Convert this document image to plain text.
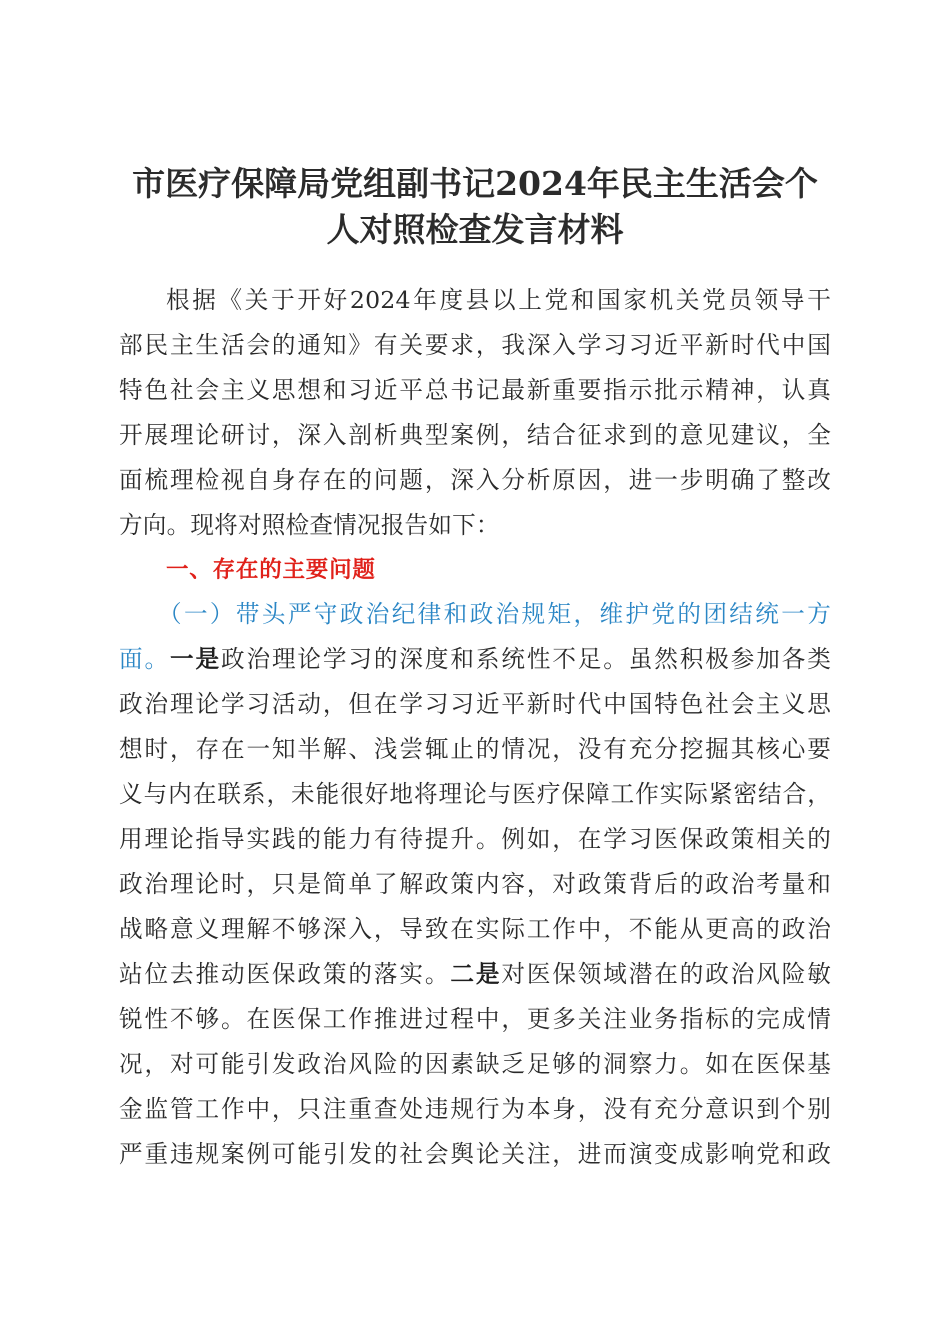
市医疗保障局党组副书记2024年民主生活会个
人对照检查发言材料
根据《关于开好2024年度县以上党和国家机关党员领导干
部民主生活会的通知》有关要求，我深入学习习近平新时代中国
特色社会主义思想和习近平总书记最新重要指示批示精神，认真
开展理论研讨，深入剖析典型案例，结合征求到的意见建议，全
面梳理检视自身存在的问题，深入分析原因，进一步明确了整改
方向。现将对照检查情况报告如下：
一、存在的主要问题
（一）带头严守政治纪律和政治规矩，维护党的团结统一方
面。一是政治理论学习的深度和系统性不足。虽然积极参加各类
政治理论学习活动，但在学习习近平新时代中国特色社会主义思
想时，存在一知半解、浅尝辄止的情况，没有充分挖掘其核心要
义与内在联系，未能很好地将理论与医疗保障工作实际紧密结合，
用理论指导实践的能力有待提升。例如，在学习医保政策相关的
政治理论时，只是简单了解政策内容，对政策背后的政治考量和
战略意义理解不够深入，导致在实际工作中，不能从更高的政治
站位去推动医保政策的落实。二是对医保领域潜在的政治风险敏
锐性不够。在医保工作推进过程中，更多关注业务指标的完成情
况，对可能引发政治风险的因素缺乏足够的洞察力。如在医保基
金监管工作中，只注重查处违规行为本身，没有充分意识到个别
严重违规案例可能引发的社会舆论关注，进而演变成影响党和政
